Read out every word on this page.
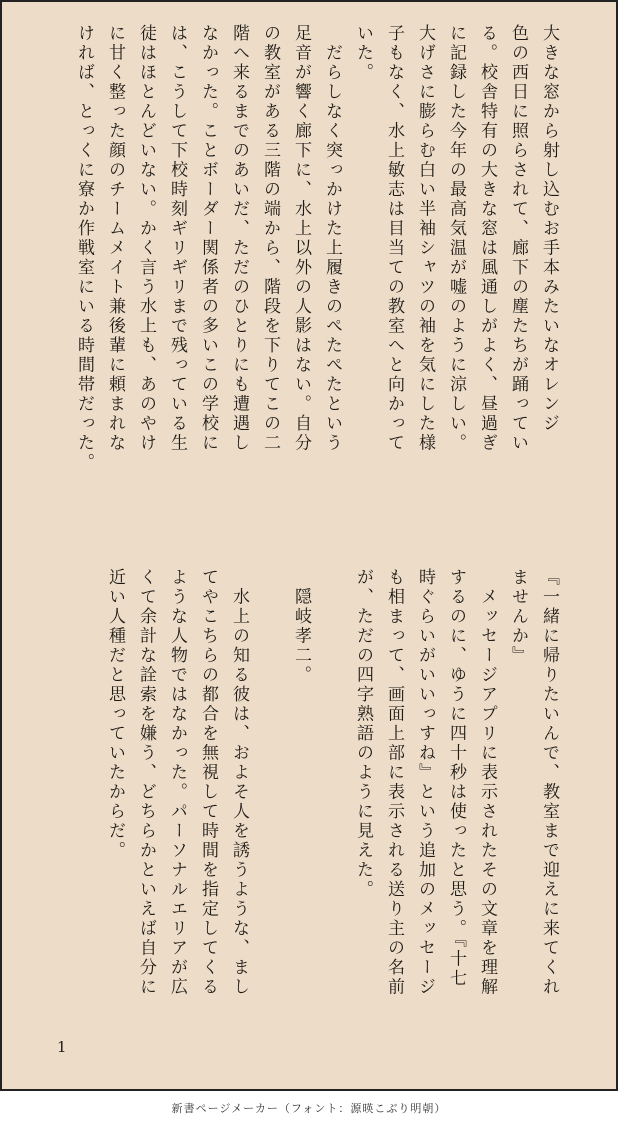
大きな窓から射し込むお手本みたいなオレンジ
色の西日に照らされて、廊下の塵たちが踊ってい
る。校舎特有の大きな窓は風通しがよく、昼過ぎ
に記録した今年の最高気温が嘘のように涼しい。
大げさに膨らむ白い半袖シャツの袖を気にした様
子もなく、水上敏志は目当ての教室へと向かって
いた。
　だらしなく突っかけた上履きのぺたぺたという
足音が響く廊下に、水上以外の人影はない。自分
の教室がある三階の端から、階段を下りてこの二
階へ来るまでのあいだ、ただのひとりにも遭遇し
なかった。ことボーダー関係者の多いこの学校に
は、こうして下校時刻ギリギリまで残っている生
徒はほとんどいない。かく言う水上も、あのやけ
に甘く整った顔のチームメイト兼後輩に頼まれな
ければ、とっくに寮か作戦室にいる時間帯だった。
『一緒に帰りたいんで、教室まで迎えに来てくれ
ませんか』
　メッセージアプリに表示されたその文章を理解
するのに、ゆうに四十秒は使ったと思う。『十七
時ぐらいがいいっすね』という追加のメッセージ
も相まって、画面上部に表示される送り主の名前
が、ただの四字熟語のように見えた。
　隠岐孝二。
　水上の知る彼は、およそ人を誘うような、まし
てやこちらの都合を無視して時間を指定してくる
ような人物ではなかった。パーソナルエリアが広
くて余計な詮索を嫌う、どちらかといえば自分に
近い人種だと思っていたからだ。
1
新書ページメーカー（フォント：源暎こぶり明朝）
